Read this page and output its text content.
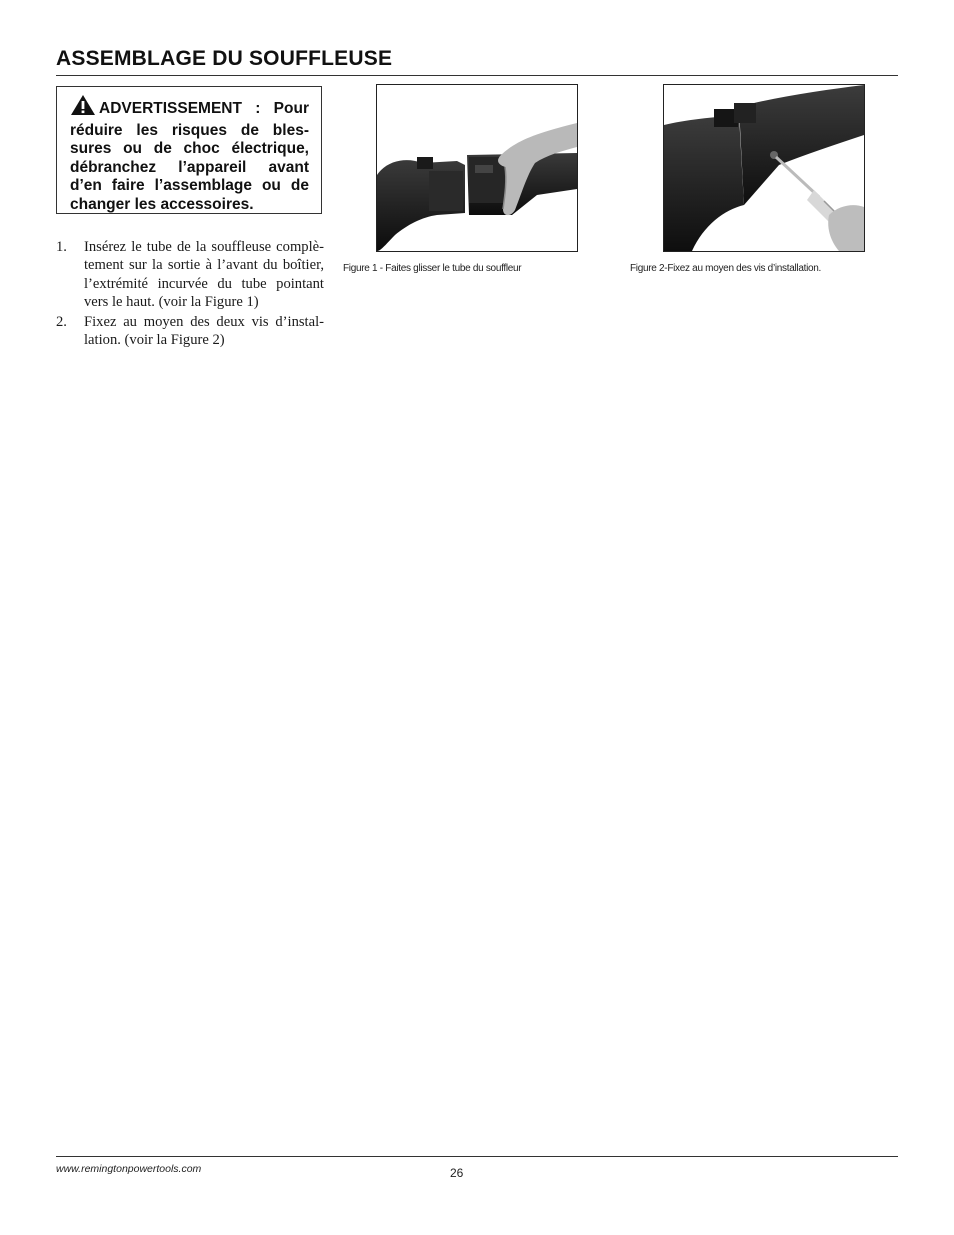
ASSEMBLAGE DU SOUFFLEUSE
ADVERTISSEMENT : Pour réduire les risques de bles-sures ou de choc électrique, débranchez l’appareil avant d’en faire l’assemblage ou de changer les accessoires.
1. Insérez le tube de la souffleuse complè-tement sur la sortie à l’avant du boîtier, l’extrémité incurvée du tube pointant vers le haut. (voir la Figure 1)
2. Fixez au moyen des deux vis d’instal-lation. (voir la Figure 2)
Figure 1 - Faites glisser le tube du souffleur	Figure 2-Fixez au moyen des vis d’installation.
www.remingtonpowertools.com	26
